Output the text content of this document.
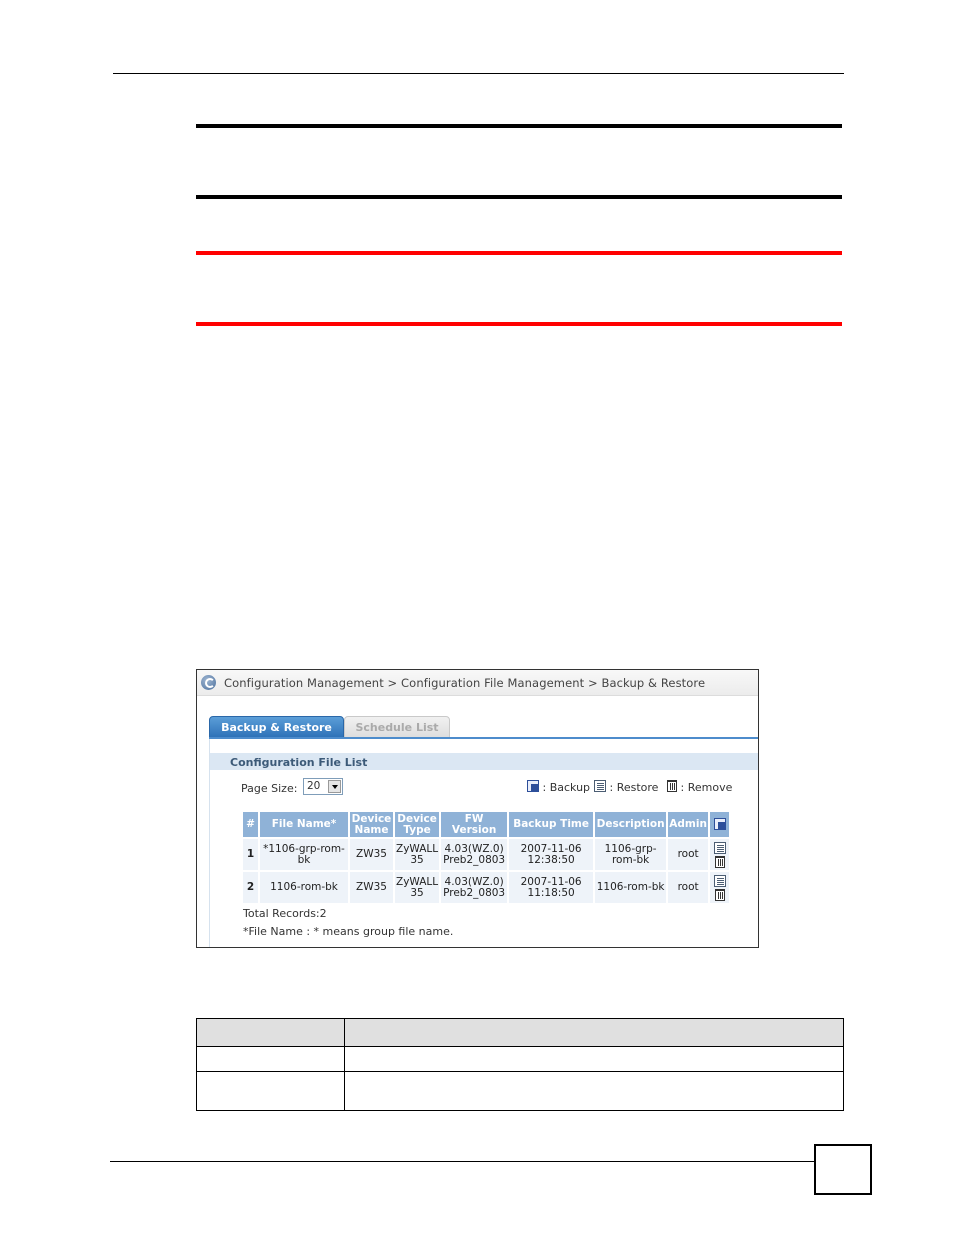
Configuration Management > Configuration File Management > Backup & Restore
Backup & Restore	Schedule List
Configuration File List
Page Size: 20	: Backup	: Restore	: Remove
#	File Name*	Device Name	Device Type	FW Version	Backup Time	Description	Admin	
1	*1106-grp-rom-bk	ZW35	ZyWALL 35	4.03(WZ.0) Preb2_0803	2007-11-06 12:38:50	1106-grp-rom-bk	root	

2	1106-rom-bk	ZW35	ZyWALL 35	4.03(WZ.0) Preb2_0803	2007-11-06 11:18:50	1106-rom-bk	root	
Total Records:2
*File Name : * means group file name.
